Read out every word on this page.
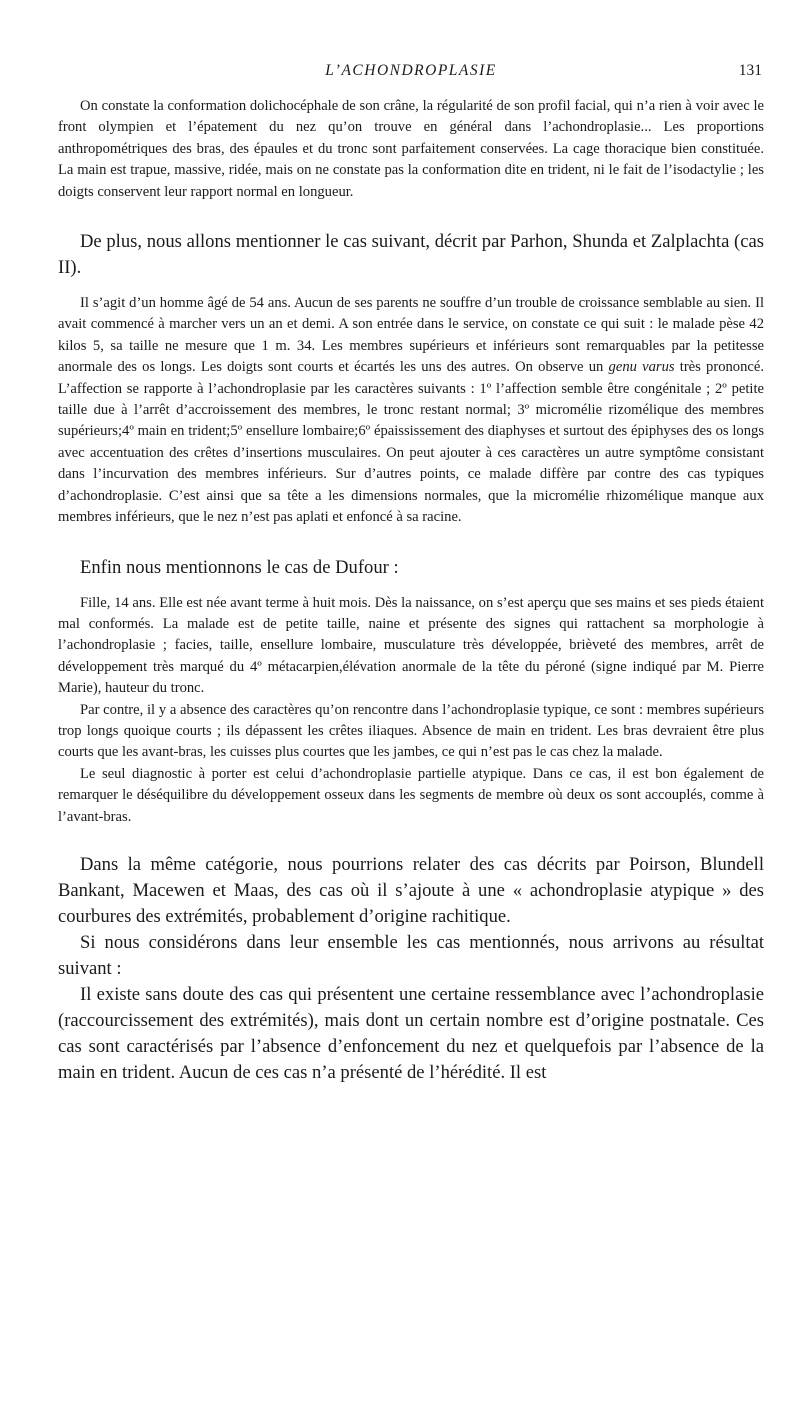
L’ACHONDROPLASIE	131

On constate la conformation dolichocéphale de son crâne, la régularité de son profil facial, qui n’a rien à voir avec le front olympien et l’épatement du nez qu’on trouve en général dans l’achondroplasie... Les proportions anthropométriques des bras, des épaules et du tronc sont parfaitement conservées. La cage thoracique bien constituée. La main est trapue, massive, ridée, mais on ne constate pas la conformation dite en trident, ni le fait de l’isodactylie ; les doigts conservent leur rapport normal en longueur.

De plus, nous allons mentionner le cas suivant, décrit par Parhon, Shunda et Zalplachta (cas II).

Il s’agit d’un homme âgé de 54 ans. Aucun de ses parents ne souffre d’un trouble de croissance semblable au sien. Il avait commencé à marcher vers un an et demi. A son entrée dans le service, on constate ce qui suit : le malade pèse 42 kilos 5, sa taille ne mesure que 1 m. 34. Les membres supérieurs et inférieurs sont remarquables par la petitesse anormale des os longs. Les doigts sont courts et écartés les uns des autres. On observe un genu varus très prononcé. L’affection se rapporte à l’achondroplasie par les caractères suivants : 1º l’affection semble être congénitale ; 2º petite taille due à l’arrêt d’accroissement des membres, le tronc restant normal; 3º micromélie rizomélique des membres supérieurs;4º main en trident;5º ensellure lombaire;6º épaississement des diaphyses et surtout des épiphyses des os longs avec accentuation des crêtes d’insertions musculaires. On peut ajouter à ces caractères un autre symptôme consistant dans l’incurvation des membres inférieurs. Sur d’autres points, ce malade diffère par contre des cas typiques d’achondroplasie. C’est ainsi que sa tête a les dimensions normales, que la micromélie rhizomélique manque aux membres inférieurs, que le nez n’est pas aplati et enfoncé à sa racine.

Enfin nous mentionnons le cas de Dufour :

Fille, 14 ans. Elle est née avant terme à huit mois. Dès la naissance, on s’est aperçu que ses mains et ses pieds étaient mal conformés. La malade est de petite taille, naine et présente des signes qui rattachent sa morphologie à l’achondroplasie ; facies, taille, ensellure lombaire, musculature très développée, brièveté des membres, arrêt de développement très marqué du 4º métacarpien,élévation anormale de la tête du péroné (signe indiqué par M. Pierre Marie), hauteur du tronc.

Par contre, il y a absence des caractères qu’on rencontre dans l’achondroplasie typique, ce sont : membres supérieurs trop longs quoique courts ; ils dépassent les crêtes iliaques. Absence de main en trident. Les bras devraient être plus courts que les avant-bras, les cuisses plus courtes que les jambes, ce qui n’est pas le cas chez la malade.

Le seul diagnostic à porter est celui d’achondroplasie partielle atypique. Dans ce cas, il est bon également de remarquer le déséquilibre du développement osseux dans les segments de membre où deux os sont accouplés, comme à l’avant-bras.

Dans la même catégorie, nous pourrions relater des cas décrits par Poirson, Blundell Bankant, Macewen et Maas, des cas où il s’ajoute à une « achondroplasie atypique » des courbures des extrémités, probablement d’origine rachitique.

Si nous considérons dans leur ensemble les cas mentionnés, nous arrivons au résultat suivant :

Il existe sans doute des cas qui présentent une certaine ressemblance avec l’achondroplasie (raccourcissement des extrémités), mais dont un certain nombre est d’origine postnatale. Ces cas sont caractérisés par l’absence d’enfoncement du nez et quelquefois par l’absence de la main en trident. Aucun de ces cas n’a présenté de l’hérédité. Il est
